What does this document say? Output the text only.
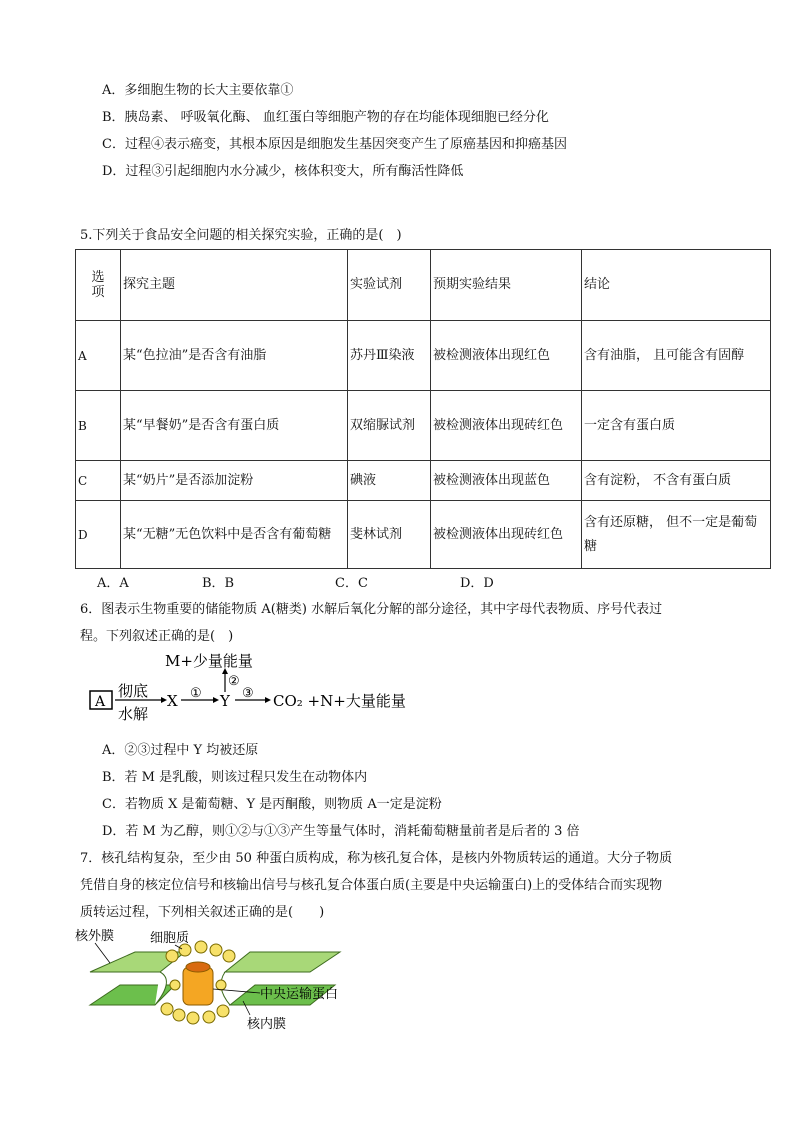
A．多细胞生物的长大主要依靠①
B．胰岛素、 呼吸氧化酶、 血红蛋白等细胞产物的存在均能体现细胞已经分化
C．过程④表示癌变，其根本原因是细胞发生基因突变产生了原癌基因和抑癌基因
D．过程③引起细胞内水分减少，核体积变大，所有酶活性降低
5.下列关于食品安全问题的相关探究实验，正确的是(　)
选
项	探究主题	实验试剂	预期实验结果	结论
A	某“色拉油”是否含有油脂	苏丹Ⅲ染液	被检测液体出现红色	含有油脂， 且可能含有固醇
B	某“早餐奶”是否含有蛋白质	双缩脲试剂	被检测液体出现砖红色	一定含有蛋白质
C	某“奶片”是否添加淀粉	碘液	被检测液体出现蓝色	含有淀粉， 不含有蛋白质
D	某“无糖”无色饮料中是否含有葡萄糖	斐林试剂	被检测液体出现砖红色	含有还原糖， 但不一定是葡萄糖
A．A	B．B	C．C	D．D
6．图表示生物重要的储能物质 A(糖类) 水解后氧化分解的部分途径，其中字母代表物质、序号代表过
程。下列叙述正确的是(　)
A
彻底
水解
X ① Y
②
M+少量能量
③ CO₂ +N+大量能量
A．②③过程中 Y 均被还原
B．若 M 是乳酸，则该过程只发生在动物体内
C．若物质 X 是葡萄糖、Y 是丙酮酸，则物质 A一定是淀粉
D．若 M 为乙醇，则①②与①③产生等量气体时，消耗葡萄糖量前者是后者的 3 倍
7．核孔结构复杂，至少由 50 种蛋白质构成，称为核孔复合体，是核内外物质转运的通道。大分子物质
凭借自身的核定位信号和核输出信号与核孔复合体蛋白质(主要是中央运输蛋白)上的受体结合而实现物
质转运过程，下列相关叙述正确的是(　　)
核外膜	细胞质
中央运输蛋白
核内膜
